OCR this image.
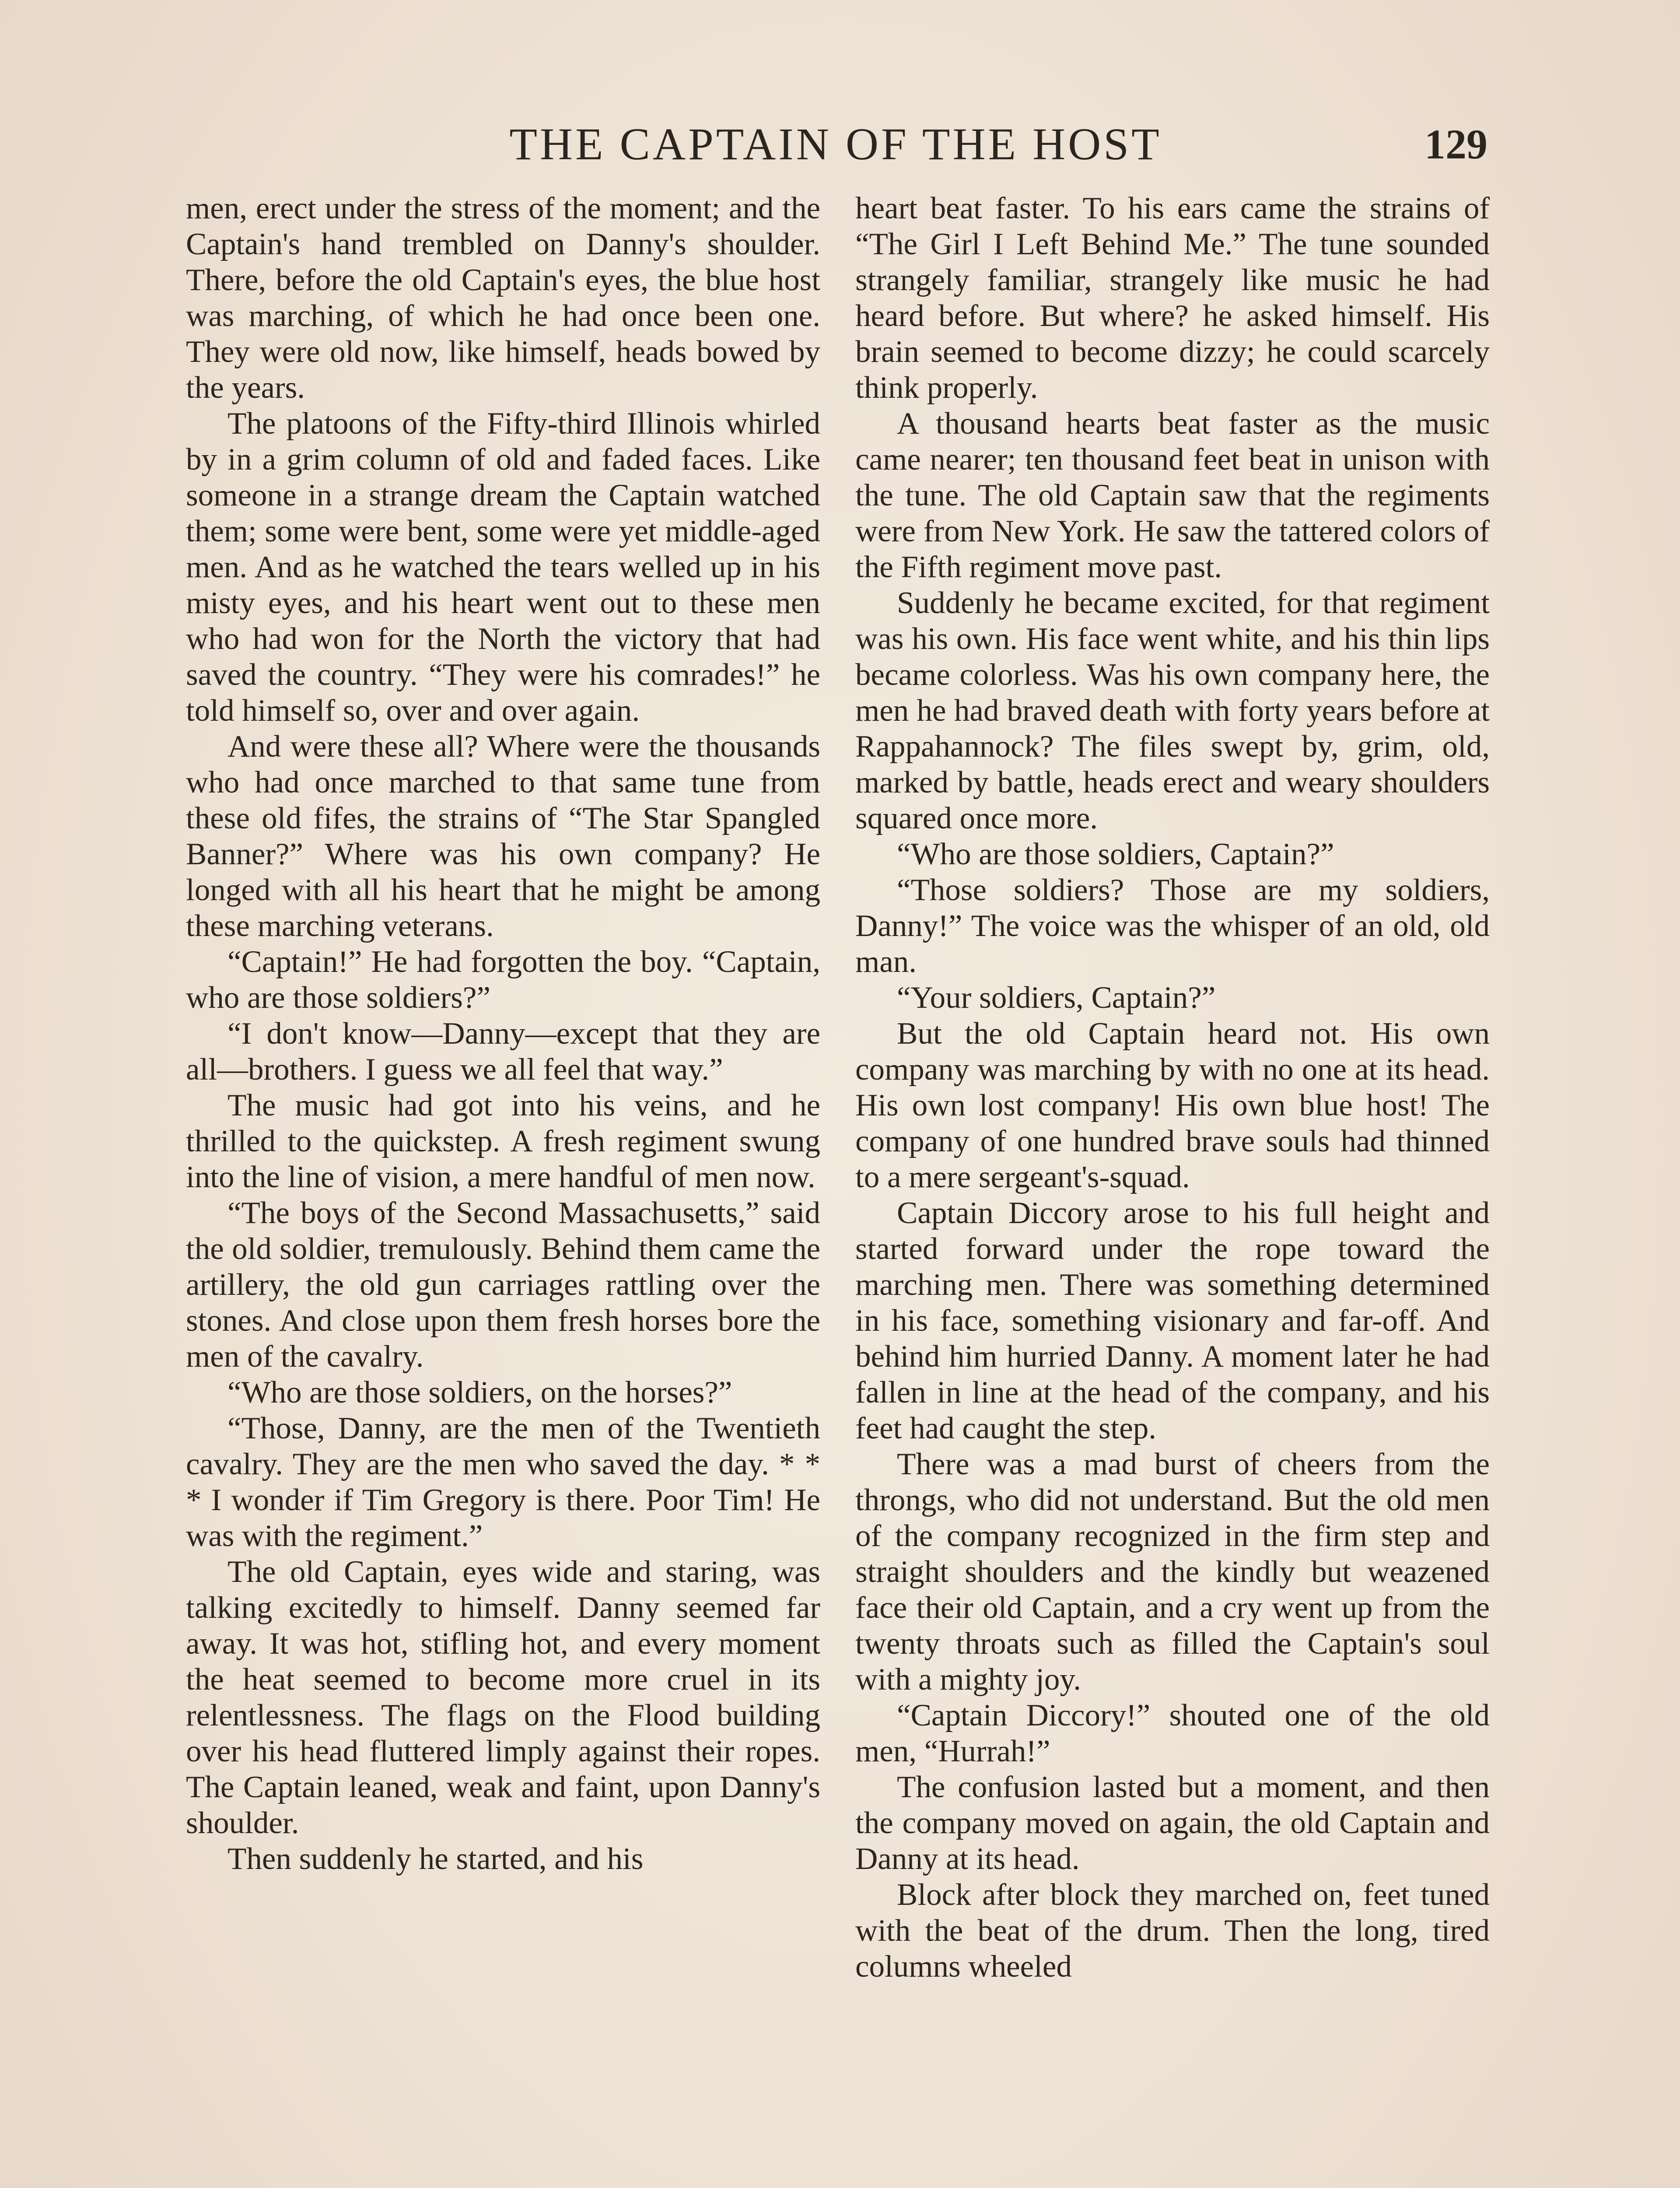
THE CAPTAIN OF THE HOST	129

men, erect under the stress of the moment; and the Captain's hand trembled on Danny's shoulder. There, before the old Captain's eyes, the blue host was marching, of which he had once been one. They were old now, like himself, heads bowed by the years.

The platoons of the Fifty-third Illinois whirled by in a grim column of old and faded faces. Like someone in a strange dream the Captain watched them; some were bent, some were yet middle-aged men. And as he watched the tears welled up in his misty eyes, and his heart went out to these men who had won for the North the victory that had saved the country. “They were his comrades!” he told himself so, over and over again.

And were these all? Where were the thousands who had once marched to that same tune from these old fifes, the strains of “The Star Spangled Banner?” Where was his own company? He longed with all his heart that he might be among these marching veterans.

“Captain!” He had forgotten the boy. “Captain, who are those soldiers?”

“I don't know—Danny—except that they are all—brothers. I guess we all feel that way.”

The music had got into his veins, and he thrilled to the quickstep. A fresh regiment swung into the line of vision, a mere handful of men now.

“The boys of the Second Massachusetts,” said the old soldier, tremulously. Behind them came the artillery, the old gun carriages rattling over the stones. And close upon them fresh horses bore the men of the cavalry.

“Who are those soldiers, on the horses?”

“Those, Danny, are the men of the Twentieth cavalry. They are the men who saved the day. * * * I wonder if Tim Gregory is there. Poor Tim! He was with the regiment.”

The old Captain, eyes wide and staring, was talking excitedly to himself. Danny seemed far away. It was hot, stifling hot, and every moment the heat seemed to become more cruel in its relentlessness. The flags on the Flood building over his head fluttered limply against their ropes. The Captain leaned, weak and faint, upon Danny's shoulder.

Then suddenly he started, and his

heart beat faster. To his ears came the strains of “The Girl I Left Behind Me.” The tune sounded strangely familiar, strangely like music he had heard before. But where? he asked himself. His brain seemed to become dizzy; he could scarcely think properly.

A thousand hearts beat faster as the music came nearer; ten thousand feet beat in unison with the tune. The old Captain saw that the regiments were from New York. He saw the tattered colors of the Fifth regiment move past.

Suddenly he became excited, for that regiment was his own. His face went white, and his thin lips became colorless. Was his own company here, the men he had braved death with forty years before at Rappahannock? The files swept by, grim, old, marked by battle, heads erect and weary shoulders squared once more.

“Who are those soldiers, Captain?”

“Those soldiers? Those are my soldiers, Danny!” The voice was the whisper of an old, old man.

“Your soldiers, Captain?”

But the old Captain heard not. His own company was marching by with no one at its head. His own lost company! His own blue host! The company of one hundred brave souls had thinned to a mere sergeant's-squad.

Captain Diccory arose to his full height and started forward under the rope toward the marching men. There was something determined in his face, something visionary and far-off. And behind him hurried Danny. A moment later he had fallen in line at the head of the company, and his feet had caught the step.

There was a mad burst of cheers from the throngs, who did not understand. But the old men of the company recognized in the firm step and straight shoulders and the kindly but weazened face their old Captain, and a cry went up from the twenty throats such as filled the Captain's soul with a mighty joy.

“Captain Diccory!” shouted one of the old men, “Hurrah!”

The confusion lasted but a moment, and then the company moved on again, the old Captain and Danny at its head.

Block after block they marched on, feet tuned with the beat of the drum. Then the long, tired columns wheeled
